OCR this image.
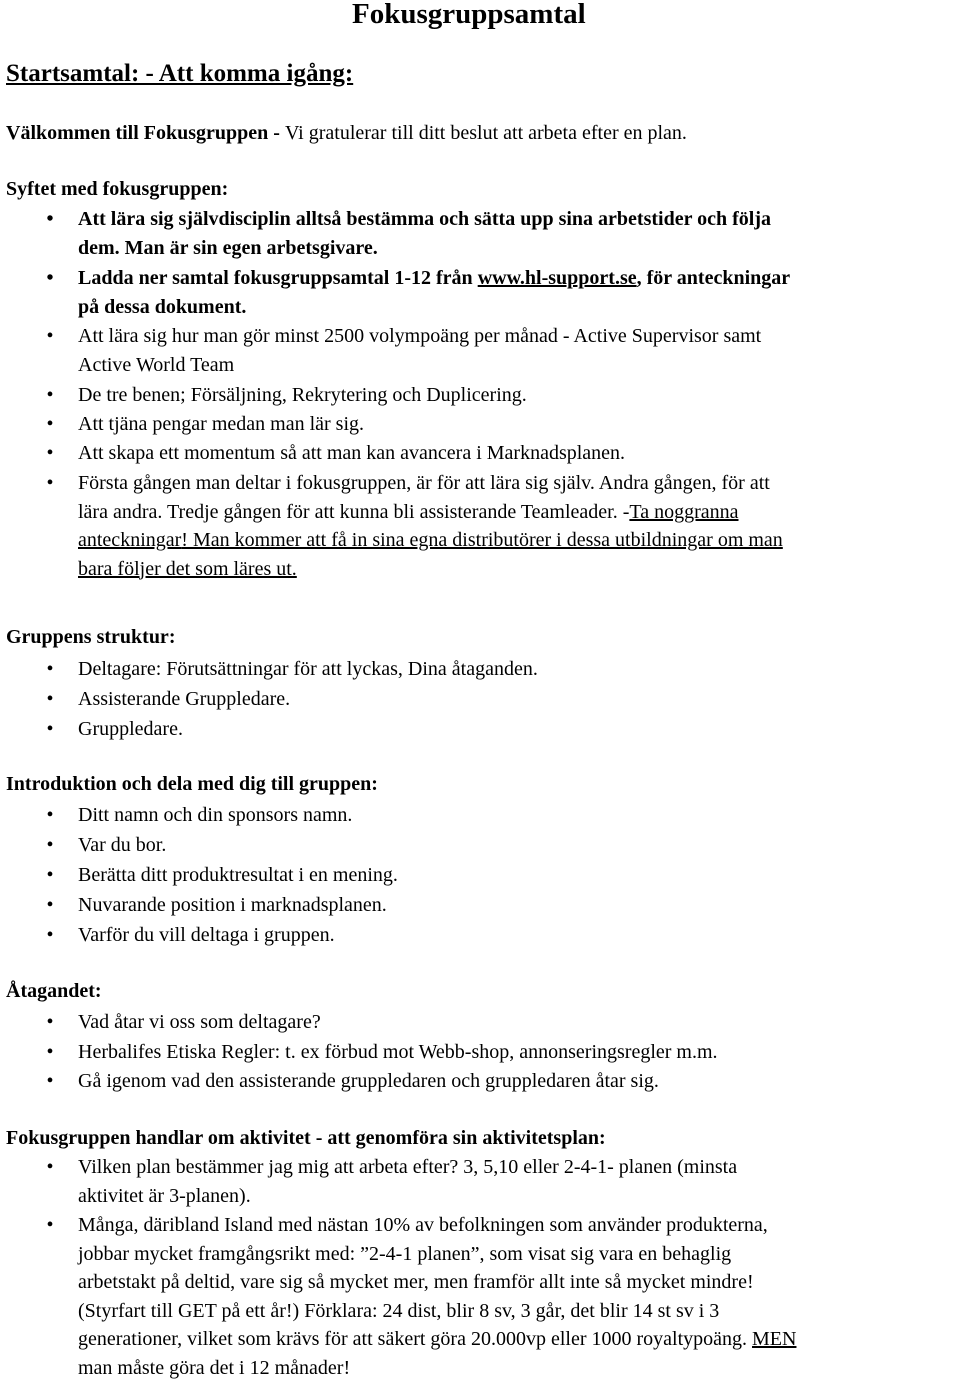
Fokusgruppsamtal
Startsamtal: - Att komma igång:
Välkommen till Fokusgruppen - Vi gratulerar till ditt beslut att arbeta efter en plan.
Syftet med fokusgruppen:
•	Att lära sig självdisciplin alltså bestämma och sätta upp sina arbetstider och följa
dem. Man är sin egen arbetsgivare.
•	Ladda ner samtal fokusgruppsamtal 1-12 från www.hl-support.se, för anteckningar
på dessa dokument.
•	Att lära sig hur man gör minst 2500 volympoäng per månad - Active Supervisor samt
Active World Team
•	De tre benen; Försäljning, Rekrytering och Duplicering.
•	Att tjäna pengar medan man lär sig.
•	Att skapa ett momentum så att man kan avancera i Marknadsplanen.
•	Första gången man deltar i fokusgruppen, är för att lära sig själv. Andra gången, för att
lära andra. Tredje gången för att kunna bli assisterande Teamleader. -Ta noggranna
anteckningar! Man kommer att få in sina egna distributörer i dessa utbildningar om man
bara följer det som läres ut.
Gruppens struktur:
•	Deltagare: Förutsättningar för att lyckas, Dina åtaganden.
•	Assisterande Gruppledare.
•	Gruppledare.
Introduktion och dela med dig till gruppen:
•	Ditt namn och din sponsors namn.
•	Var du bor.
•	Berätta ditt produktresultat i en mening.
•	Nuvarande position i marknadsplanen.
•	Varför du vill deltaga i gruppen.
Åtagandet:
•	Vad åtar vi oss som deltagare?
•	Herbalifes Etiska Regler: t. ex förbud mot Webb-shop, annonseringsregler m.m.
•	Gå igenom vad den assisterande gruppledaren och gruppledaren åtar sig.
Fokusgruppen handlar om aktivitet - att genomföra sin aktivitetsplan:
•	Vilken plan bestämmer jag mig att arbeta efter? 3, 5,10 eller 2-4-1- planen (minsta
aktivitet är 3-planen).
•	Många, däribland Island med nästan 10% av befolkningen som använder produkterna,
jobbar mycket framgångsrikt med: ”2-4-1 planen”, som visat sig vara en behaglig
arbetstakt på deltid, vare sig så mycket mer, men framför allt inte så mycket mindre!
(Styrfart till GET på ett år!) Förklara: 24 dist, blir 8 sv, 3 går, det blir 14 st sv i 3
generationer, vilket som krävs för att säkert göra 20.000vp eller 1000 royaltypoäng. MEN
man måste göra det i 12 månader!
